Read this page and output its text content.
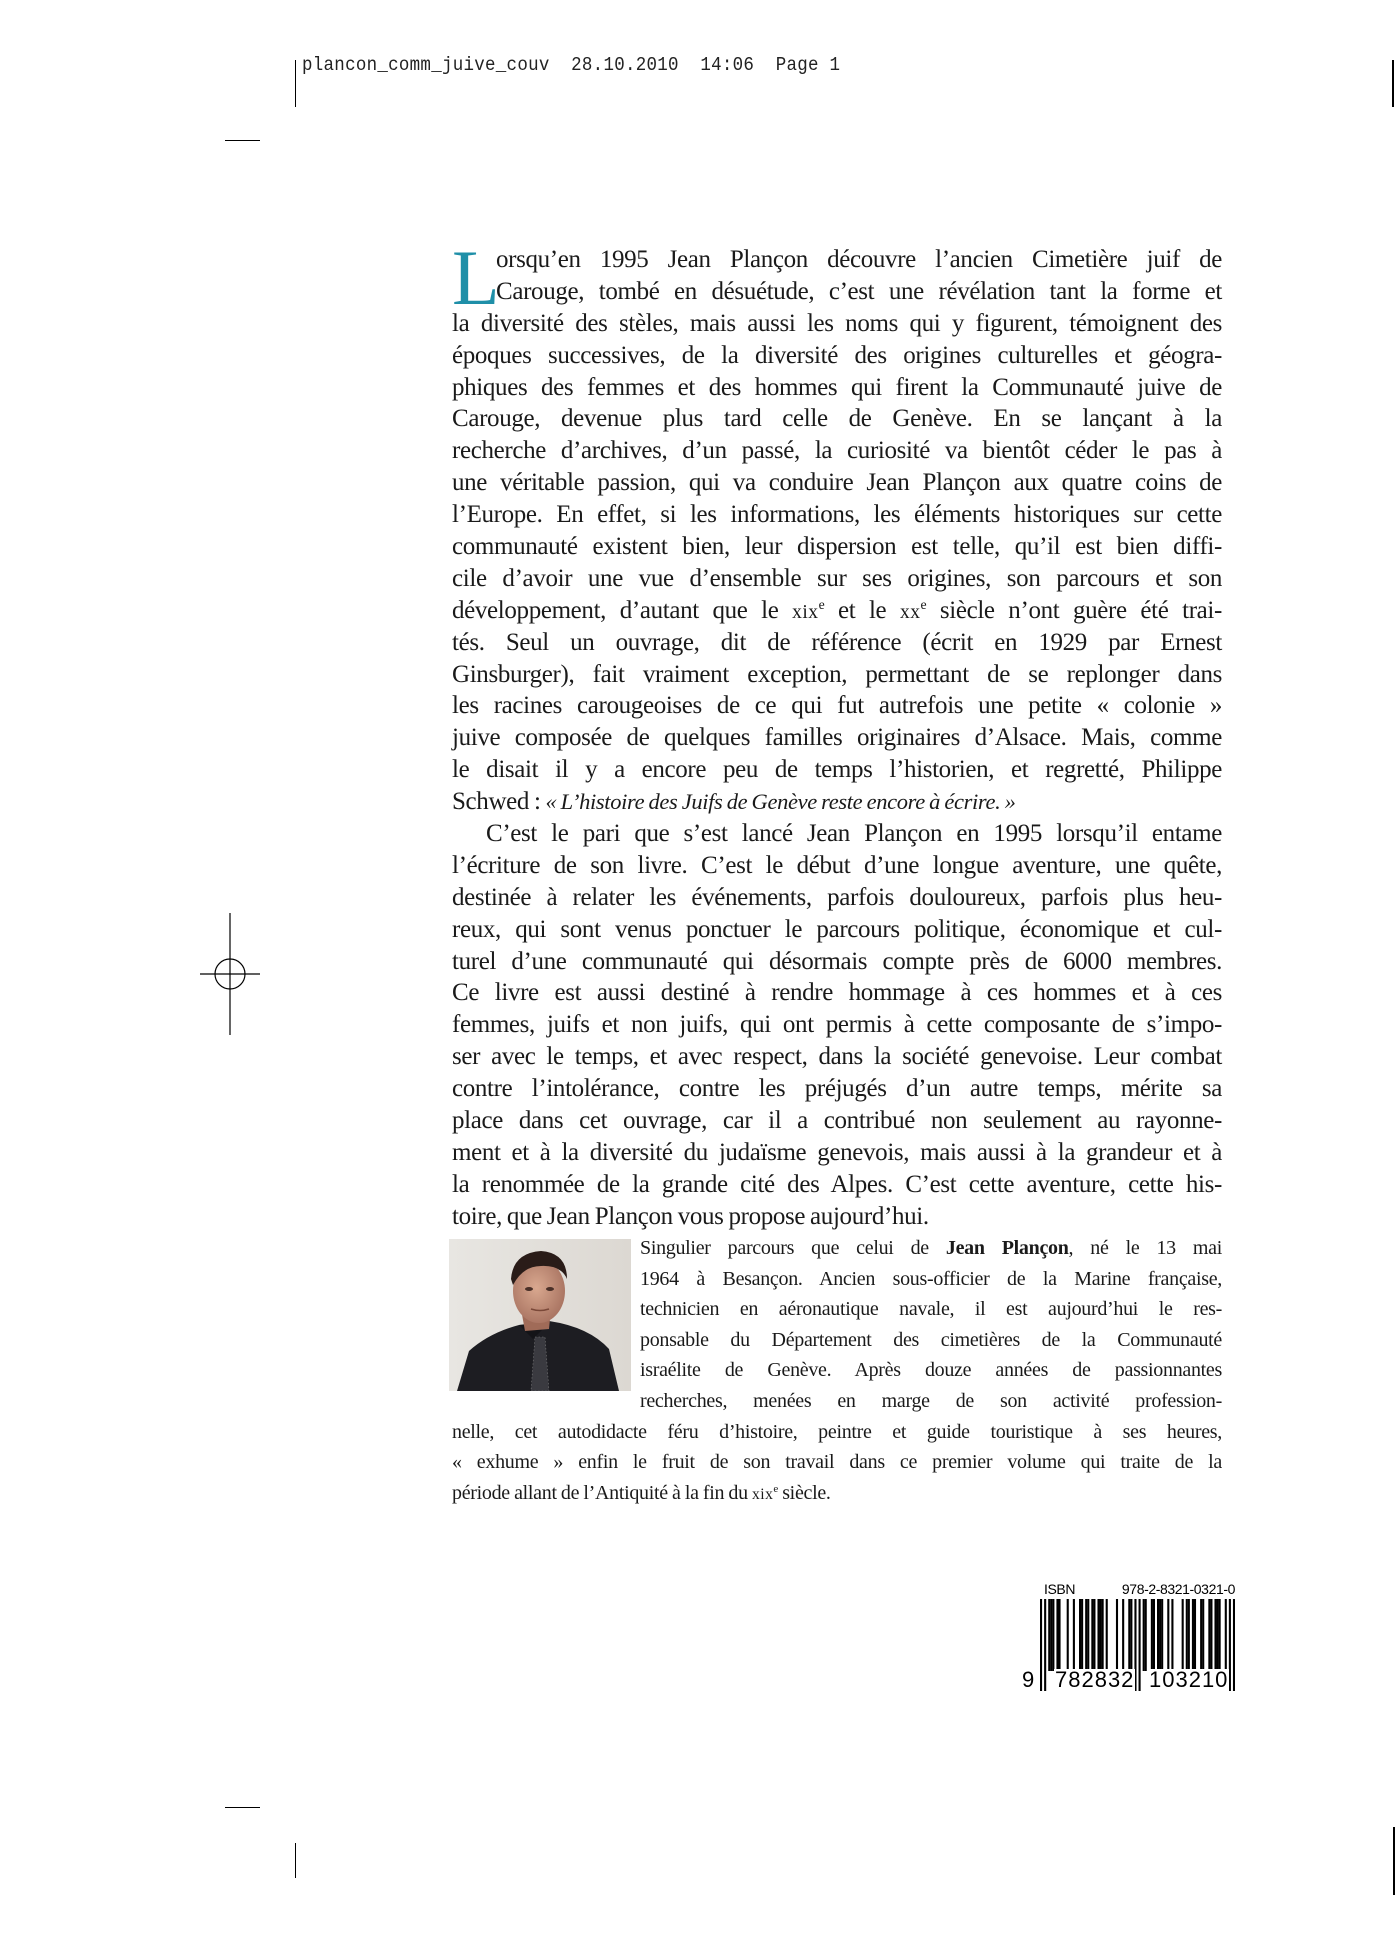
plancon_comm_juive_couv  28.10.2010  14:06  Page 1
L
orsqu’en 1995 Jean Plançon découvre l’ancien Cimetière juif de
Carouge, tombé en désuétude, c’est une révélation tant la forme et
la diversité des stèles, mais aussi les noms qui y figurent, témoignent des
époques successives, de la diversité des origines culturelles et géogra-
phiques des femmes et des hommes qui firent la Communauté juive de
Carouge, devenue plus tard celle de Genève. En se lançant à la
recherche d’archives, d’un passé, la curiosité va bientôt céder le pas à
une véritable passion, qui va conduire Jean Plançon aux quatre coins de
l’Europe. En effet, si les informations, les éléments historiques sur cette
communauté existent bien, leur dispersion est telle, qu’il est bien diffi-
cile d’avoir une vue d’ensemble sur ses origines, son parcours et son
développement, d’autant que le xix$^e$ et le $xx^e$ siècle n’ont guère été trai-
tés. Seul un ouvrage, dit de référence (écrit en 1929 par Ernest
Ginsburger), fait vraiment exception, permettant de se replonger dans
les racines carougeoises de ce qui fut autrefois une petite « colonie »
juive composée de quelques familles originaires d’Alsace. Mais, comme
le disait il y a encore peu de temps l’historien, et regretté, Philippe
Schwed : « L’histoire des Juifs de Genève reste encore à écrire. »
C’est le pari que s’est lancé Jean Plançon en 1995 lorsqu’il entame
l’écriture de son livre. C’est le début d’une longue aventure, une quête,
destinée à relater les événements, parfois douloureux, parfois plus heu-
reux, qui sont venus ponctuer le parcours politique, économique et cul-
turel d’une communauté qui désormais compte près de 6000 membres.
Ce livre est aussi destiné à rendre hommage à ces hommes et à ces
femmes, juifs et non juifs, qui ont permis à cette composante de s’impo-
ser avec le temps, et avec respect, dans la société genevoise. Leur combat
contre l’intolérance, contre les préjugés d’un autre temps, mérite sa
place dans cet ouvrage, car il a contribué non seulement au rayonne-
ment et à la diversité du judaïsme genevois, mais aussi à la grandeur et à
la renommée de la grande cité des Alpes. C’est cette aventure, cette his-
toire, que Jean Plançon vous propose aujourd’hui.
Singulier parcours que celui de Jean Plançon, né le 13 mai
1964 à Besançon. Ancien sous-officier de la Marine française,
technicien en aéronautique navale, il est aujourd’hui le res-
ponsable du Département des cimetières de la Communauté
israélite de Genève. Après douze années de passionnantes
recherches, menées en marge de son activité profession-
nelle, cet autodidacte féru d’histoire, peintre et guide touristique à ses heures,
« exhume » enfin le fruit de son travail dans ce premier volume qui traite de la
période allant de l’Antiquité à la fin du xix$^e$ siècle.
ISBN 978-2-8321-0321-0
9 782832 103210
